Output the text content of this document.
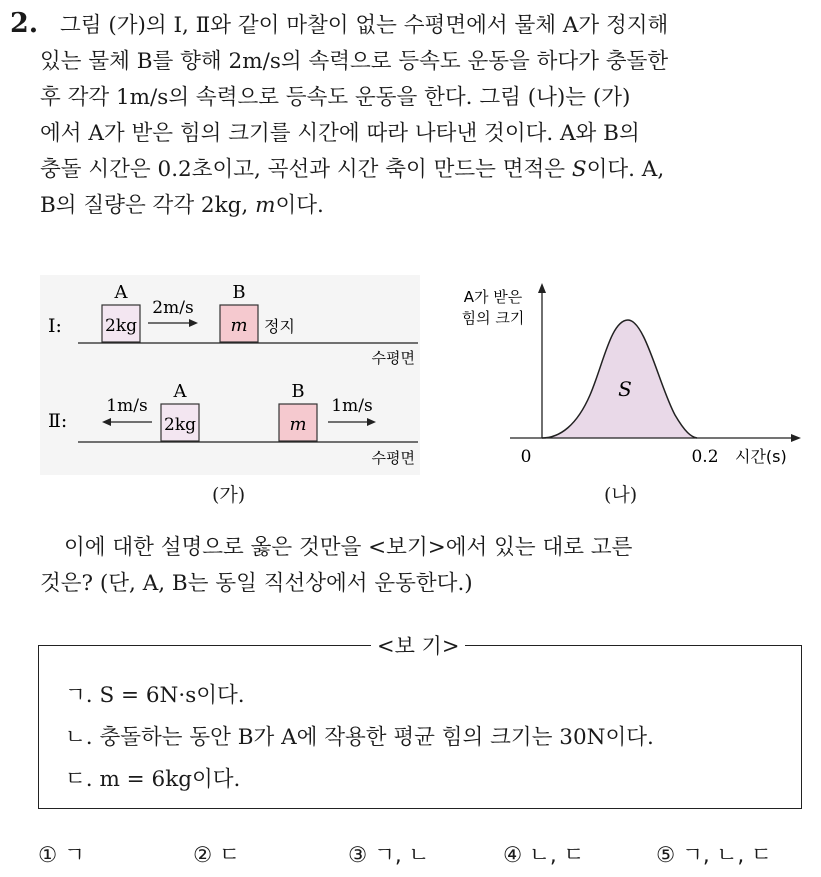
2.	그림 (가)의 Ⅰ, Ⅱ와 같이 마찰이 없는 수평면에서 물체 A가 정지해
있는 물체 B를 향해 2m/s의 속력으로 등속도 운동을 하다가 충돌한
후 각각 1m/s의 속력으로 등속도 운동을 한다. 그림 (나)는 (가)
에서 A가 받은 힘의 크기를 시간에 따라 나타낸 것이다. A와 B의
충돌 시간은 0.2초이고, 곡선과 시간 축이 만드는 면적은 S이다. A,
B의 질량은 각각 2kg, m이다.
Ⅰ:
A
2kg
2m/s
B
m 정지
수평면
Ⅱ:
1m/s
A
2kg
B
m
1m/s
수평면
(가)
A가 받은
힘의 크기
S
0	0.2 시간(s)
(나)
이에 대한 설명으로 옳은 것만을 <보기>에서 있는 대로 고른
것은? (단, A, B는 동일 직선상에서 운동한다.)
<보 기>
ㄱ. S = 6N·s이다.
ㄴ. 충돌하는 동안 B가 A에 작용한 평균 힘의 크기는 30N이다.
ㄷ. m = 6kg이다.
① ㄱ	② ㄷ	③ ㄱ, ㄴ	④ ㄴ, ㄷ	⑤ ㄱ, ㄴ, ㄷ
